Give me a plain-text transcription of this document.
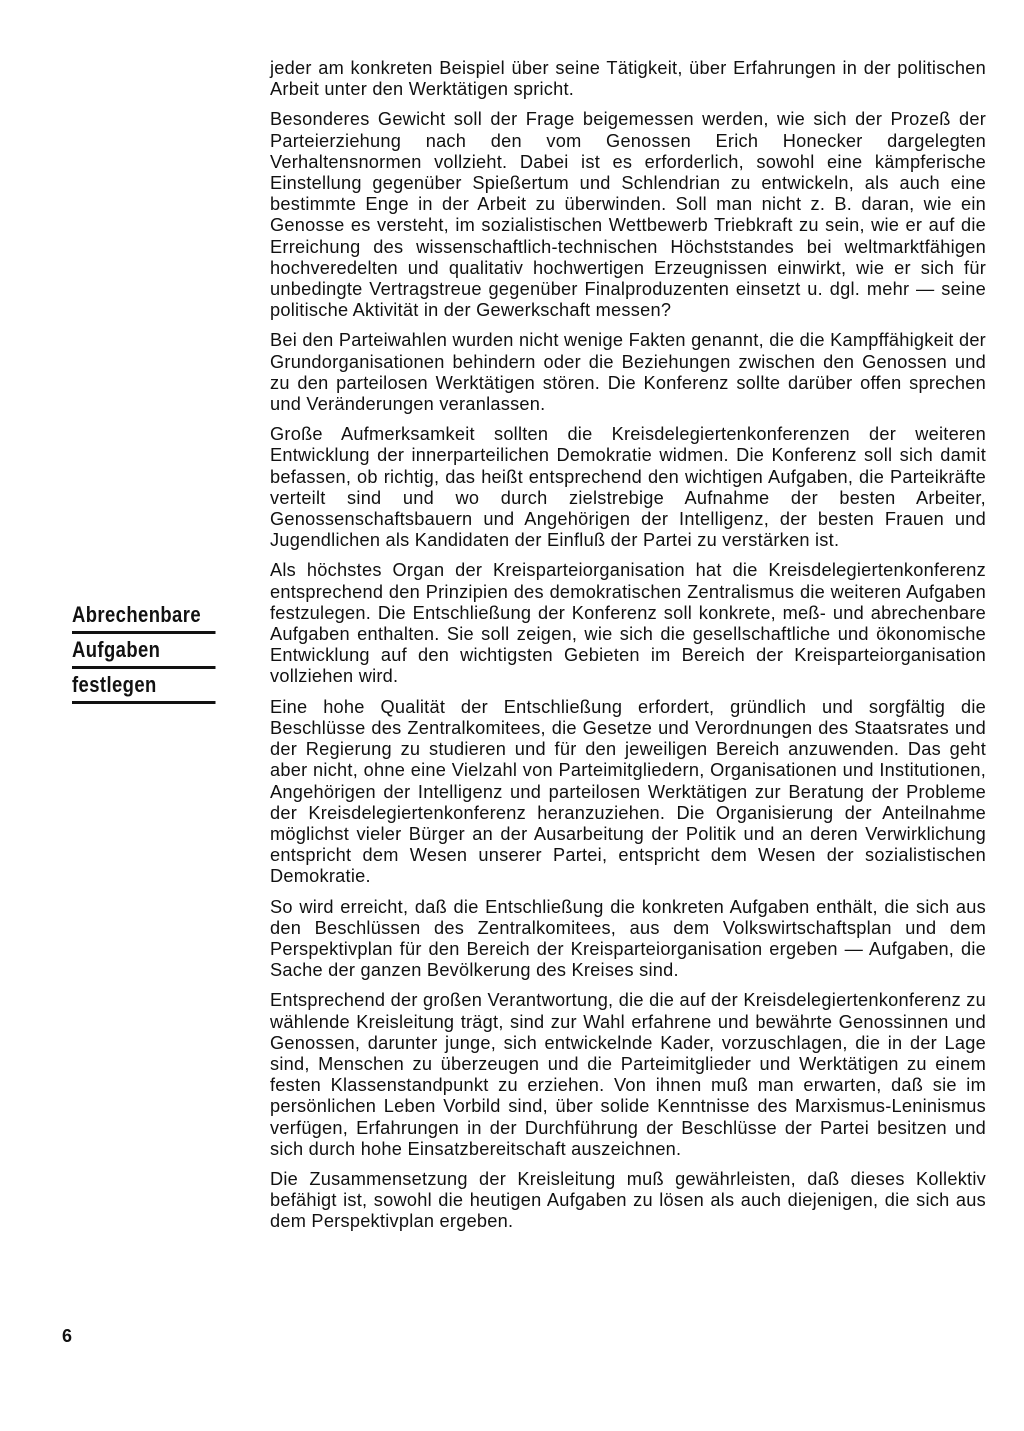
Abrechenbare
Aufgaben
festlegen

jeder am konkreten Beispiel über seine Tätigkeit, über Erfahrungen in der politischen Arbeit unter den Werktätigen spricht.

Besonderes Gewicht soll der Frage beigemessen werden, wie sich der Prozeß der Parteierziehung nach den vom Genossen Erich Honecker dargelegten Verhaltensnormen vollzieht. Dabei ist es erforderlich, sowohl eine kämpferische Einstellung gegenüber Spießertum und Schlendrian zu entwickeln, als auch eine bestimmte Enge in der Arbeit zu überwinden. Soll man nicht z. B. daran, wie ein Genosse es versteht, im sozialistischen Wettbewerb Triebkraft zu sein, wie er auf die Erreichung des wissenschaftlich-technischen Höchststandes bei weltmarktfähigen hochveredelten und qualitativ hochwertigen Erzeugnissen einwirkt, wie er sich für unbedingte Vertragstreue gegenüber Finalproduzenten einsetzt u. dgl. mehr — seine politische Aktivität in der Gewerkschaft messen?

Bei den Parteiwahlen wurden nicht wenige Fakten genannt, die die Kampffähigkeit der Grundorganisationen behindern oder die Beziehungen zwischen den Genossen und zu den parteilosen Werktätigen stören. Die Konferenz sollte darüber offen sprechen und Veränderungen veranlassen.

Große Aufmerksamkeit sollten die Kreisdelegiertenkonferenzen der weiteren Entwicklung der innerparteilichen Demokratie widmen. Die Konferenz soll sich damit befassen, ob richtig, das heißt entsprechend den wichtigen Aufgaben, die Parteikräfte verteilt sind und wo durch zielstrebige Aufnahme der besten Arbeiter, Genossenschaftsbauern und Angehörigen der Intelligenz, der besten Frauen und Jugendlichen als Kandidaten der Einfluß der Partei zu verstärken ist.

Als höchstes Organ der Kreisparteiorganisation hat die Kreisdelegiertenkonferenz entsprechend den Prinzipien des demokratischen Zentralismus die weiteren Aufgaben festzulegen. Die Entschließung der Konferenz soll konkrete, meß- und abrechenbare Aufgaben enthalten. Sie soll zeigen, wie sich die gesellschaftliche und ökonomische Entwicklung auf den wichtigsten Gebieten im Bereich der Kreisparteiorganisation vollziehen wird.

Eine hohe Qualität der Entschließung erfordert, gründlich und sorgfältig die Beschlüsse des Zentralkomitees, die Gesetze und Verordnungen des Staatsrates und der Regierung zu studieren und für den jeweiligen Bereich anzuwenden. Das geht aber nicht, ohne eine Vielzahl von Parteimitgliedern, Organisationen und Institutionen, Angehörigen der Intelligenz und parteilosen Werktätigen zur Beratung der Probleme der Kreisdelegiertenkonferenz heranzuziehen. Die Organisierung der Anteilnahme möglichst vieler Bürger an der Ausarbeitung der Politik und an deren Verwirklichung entspricht dem Wesen unserer Partei, entspricht dem Wesen der sozialistischen Demokratie.

So wird erreicht, daß die Entschließung die konkreten Aufgaben enthält, die sich aus den Beschlüssen des Zentralkomitees, aus dem Volkswirtschaftsplan und dem Perspektivplan für den Bereich der Kreisparteiorganisation ergeben — Aufgaben, die Sache der ganzen Bevölkerung des Kreises sind.

Entsprechend der großen Verantwortung, die die auf der Kreisdelegiertenkonferenz zu wählende Kreisleitung trägt, sind zur Wahl erfahrene und bewährte Genossinnen und Genossen, darunter junge, sich entwickelnde Kader, vorzuschlagen, die in der Lage sind, Menschen zu überzeugen und die Parteimitglieder und Werktätigen zu einem festen Klassenstandpunkt zu erziehen. Von ihnen muß man erwarten, daß sie im persönlichen Leben Vorbild sind, über solide Kenntnisse des Marxismus-Leninismus verfügen, Erfahrungen in der Durchführung der Beschlüsse der Partei besitzen und sich durch hohe Einsatzbereitschaft auszeichnen.

Die Zusammensetzung der Kreisleitung muß gewährleisten, daß dieses Kollektiv befähigt ist, sowohl die heutigen Aufgaben zu lösen als auch diejenigen, die sich aus dem Perspektivplan ergeben.

6
